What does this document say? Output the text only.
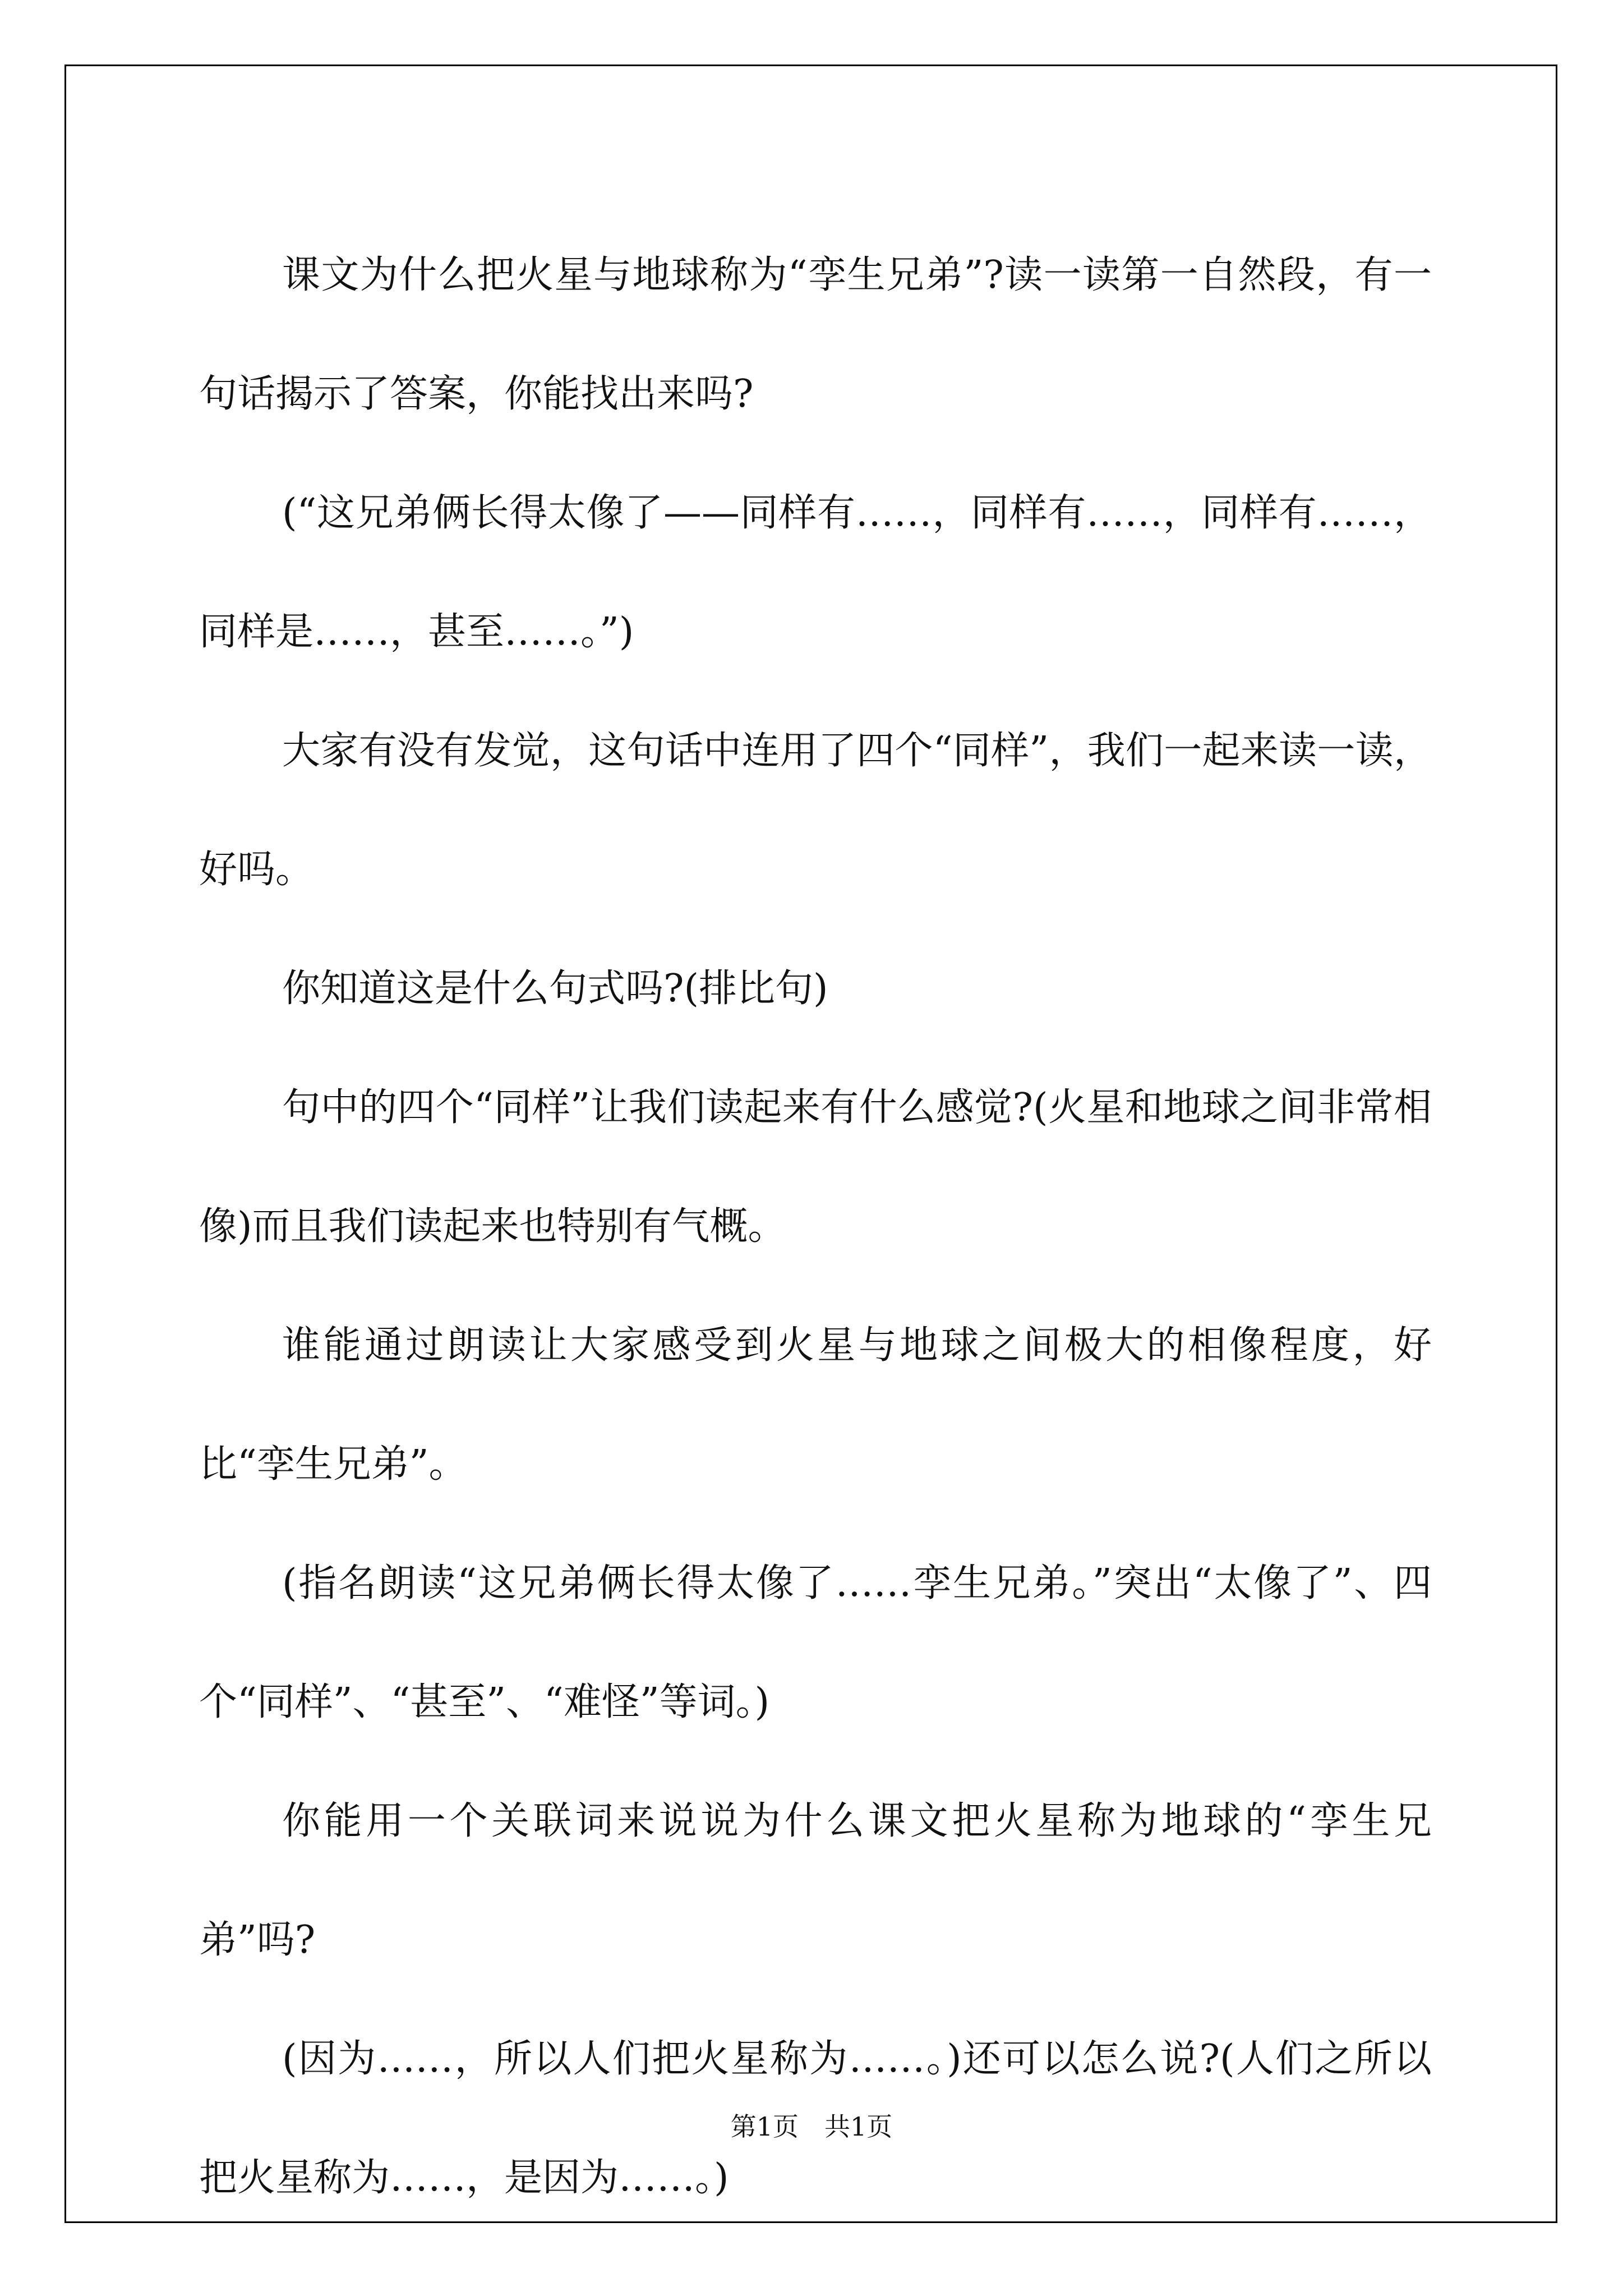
课文为什么把火星与地球称为“孪生兄弟”?读一读第一自然段，有一句话揭示了答案，你能找出来吗?

(“这兄弟俩长得太像了——同样有……，同样有……，同样有……，同样是……，甚至……。”)

大家有没有发觉，这句话中连用了四个“同样”，我们一起来读一读，好吗。

你知道这是什么句式吗?(排比句)

句中的四个“同样”让我们读起来有什么感觉?(火星和地球之间非常相像)而且我们读起来也特别有气概。

谁能通过朗读让大家感受到火星与地球之间极大的相像程度，好比“孪生兄弟”。

(指名朗读“这兄弟俩长得太像了……孪生兄弟。”突出“太像了”、四个“同样”、“甚至”、“难怪”等词。)

你能用一个关联词来说说为什么课文把火星称为地球的“孪生兄弟”吗?

(因为……，所以人们把火星称为……。)还可以怎么说?(人们之所以把火星称为……，是因为……。)

第1页　共1页
